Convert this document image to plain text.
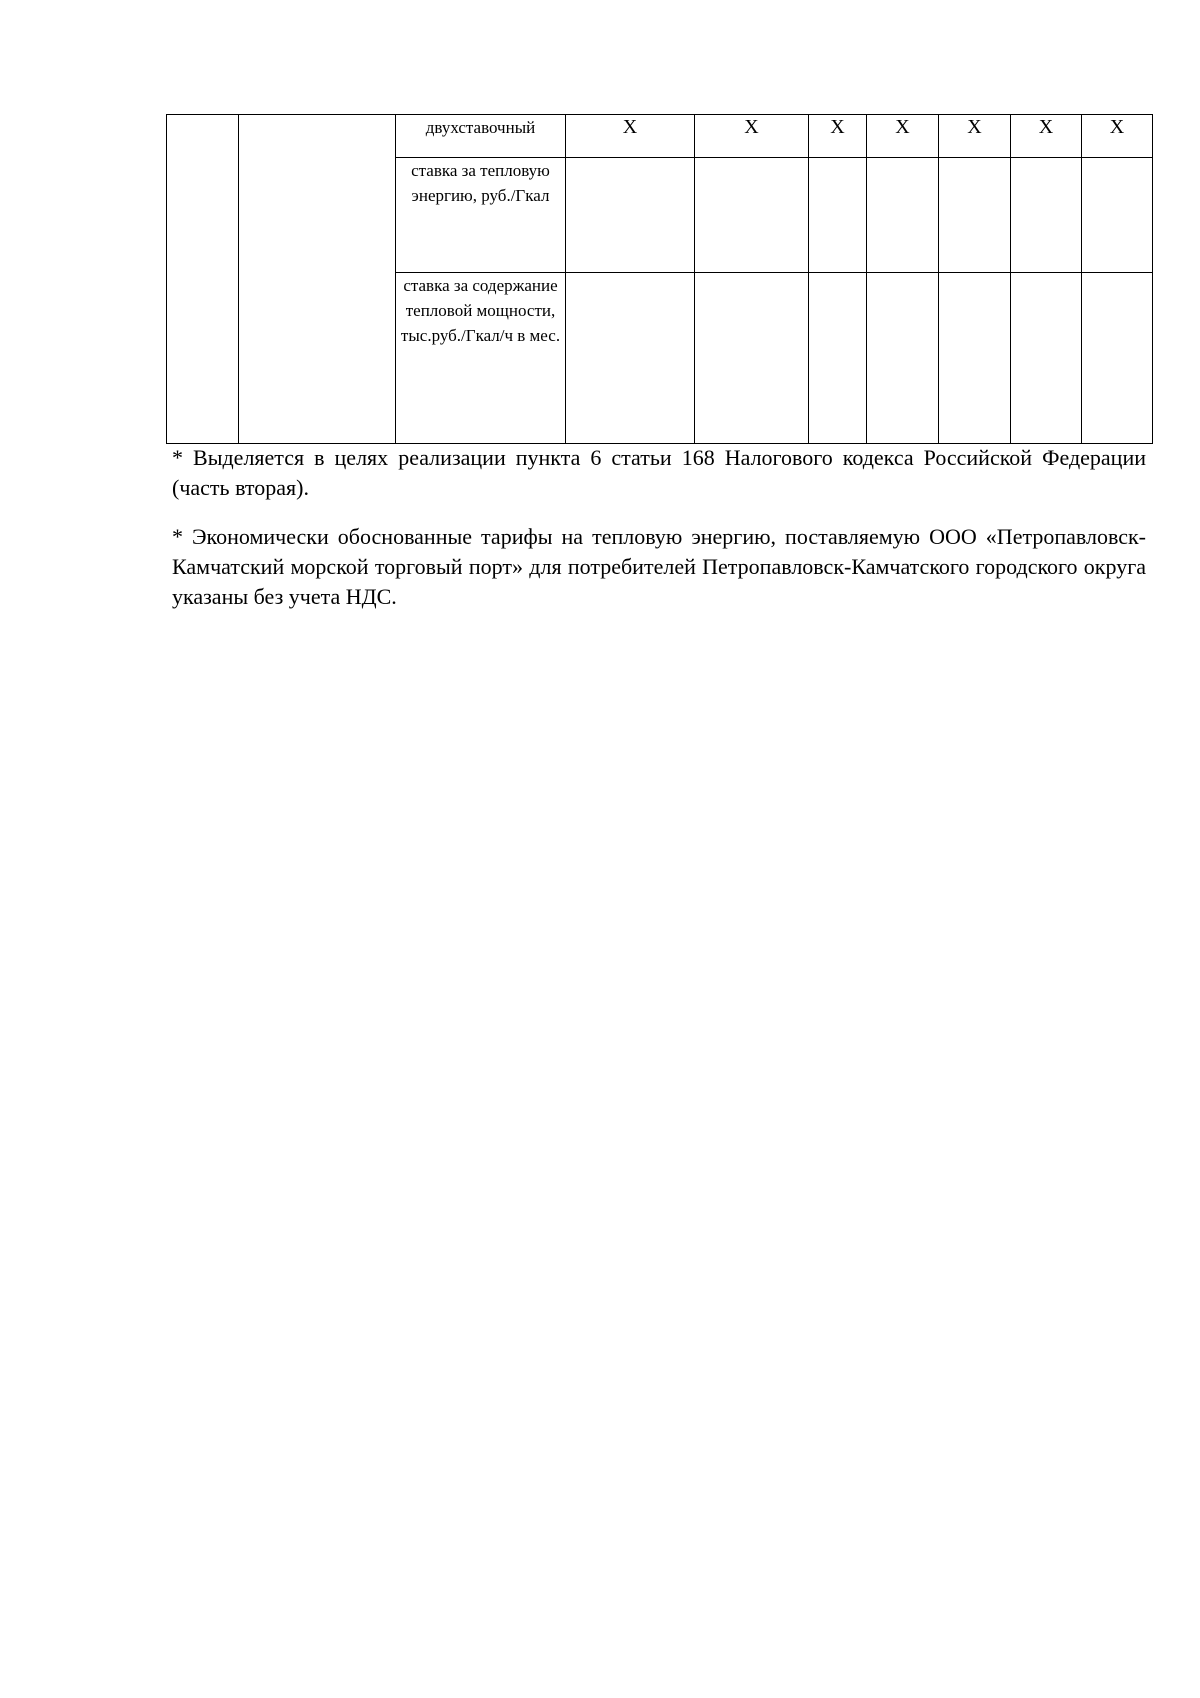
		двухставочный	X	X	X	X	X	X	X
		ставка за тепловую энергию, руб./Гкал							
		ставка за содержание тепловой мощности, тыс.руб./Гкал/ч в мес.							

* Выделяется в целях реализации пункта 6 статьи 168 Налогового кодекса Российской Федерации (часть вторая).

* Экономически обоснованные тарифы на тепловую энергию, поставляемую ООО «Петропавловск-Камчатский морской торговый порт» для потребителей Петропавловск-Камчатского городского округа указаны без учета НДС.
